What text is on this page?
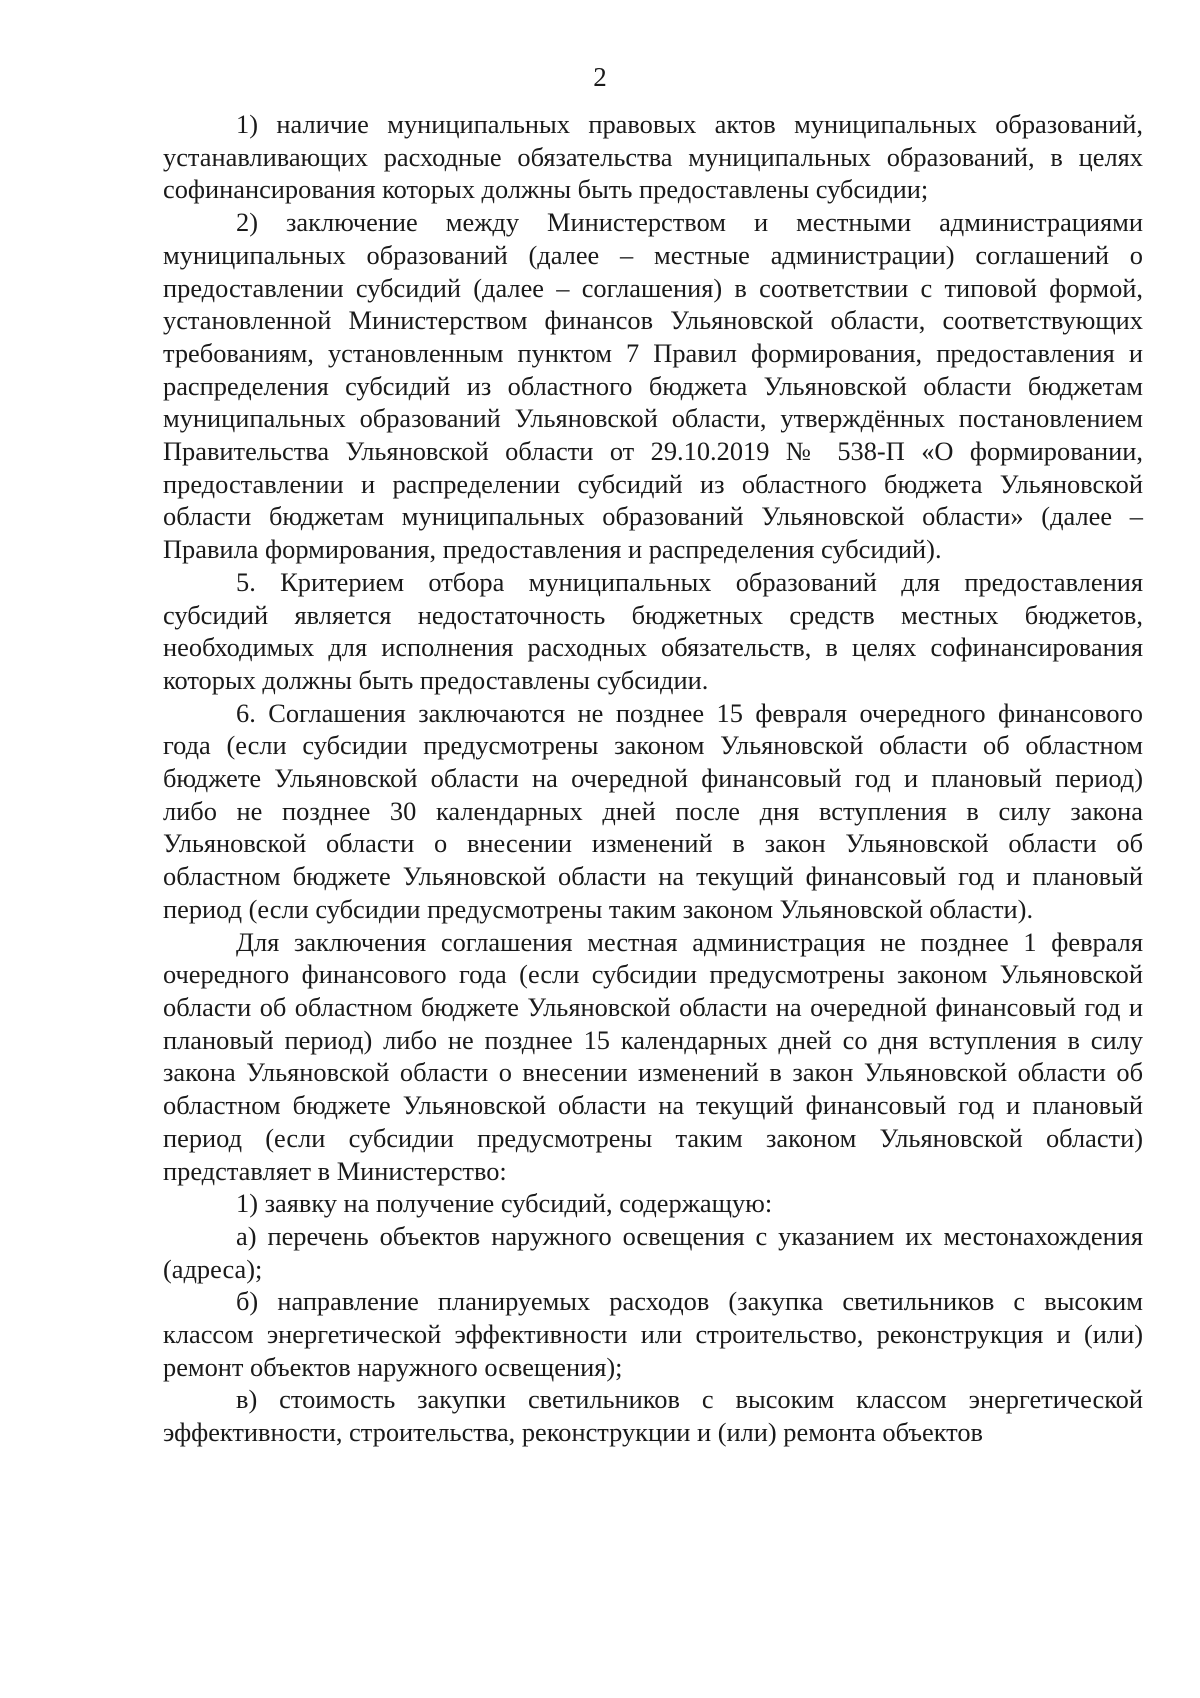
2

1) наличие муниципальных правовых актов муниципальных образований, устанавливающих расходные обязательства муниципальных образований, в целях софинансирования которых должны быть предоставлены субсидии;

2) заключение между Министерством и местными администрациями муниципальных образований (далее – местные администрации) соглашений о предоставлении субсидий (далее – соглашения) в соответствии с типовой формой, установленной Министерством финансов Ульяновской области, соответствующих требованиям, установленным пунктом 7 Правил формирования, предоставления и распределения субсидий из областного бюджета Ульяновской области бюджетам муниципальных образований Ульяновской области, утверждённых постановлением Правительства Ульяновской области от 29.10.2019 № 538-П «О формировании, предоставлении и распределении субсидий из областного бюджета Ульяновской области бюджетам муниципальных образований Ульяновской области» (далее – Правила формирования, предоставления и распределения субсидий).

5. Критерием отбора муниципальных образований для предоставления субсидий является недостаточность бюджетных средств местных бюджетов, необходимых для исполнения расходных обязательств, в целях софинансирования которых должны быть предоставлены субсидии.

6. Соглашения заключаются не позднее 15 февраля очередного финансового года (если субсидии предусмотрены законом Ульяновской области об областном бюджете Ульяновской области на очередной финансовый год и плановый период) либо не позднее 30 календарных дней после дня вступления в силу закона Ульяновской области о внесении изменений в закон Ульяновской области об областном бюджете Ульяновской области на текущий финансовый год и плановый период (если субсидии предусмотрены таким законом Ульяновской области).

Для заключения соглашения местная администрация не позднее 1 февраля очередного финансового года (если субсидии предусмотрены законом Ульяновской области об областном бюджете Ульяновской области на очередной финансовый год и плановый период) либо не позднее 15 календарных дней со дня вступления в силу закона Ульяновской области о внесении изменений в закон Ульяновской области об областном бюджете Ульяновской области на текущий финансовый год и плановый период (если субсидии предусмотрены таким законом Ульяновской области) представляет в Министерство:

1) заявку на получение субсидий, содержащую:

а) перечень объектов наружного освещения с указанием их местонахождения (адреса);

б) направление планируемых расходов (закупка светильников с высоким классом энергетической эффективности или строительство, реконструкция и (или) ремонт объектов наружного освещения);

в) стоимость закупки светильников с высоким классом энергетической эффективности, строительства, реконструкции и (или) ремонта объектов
